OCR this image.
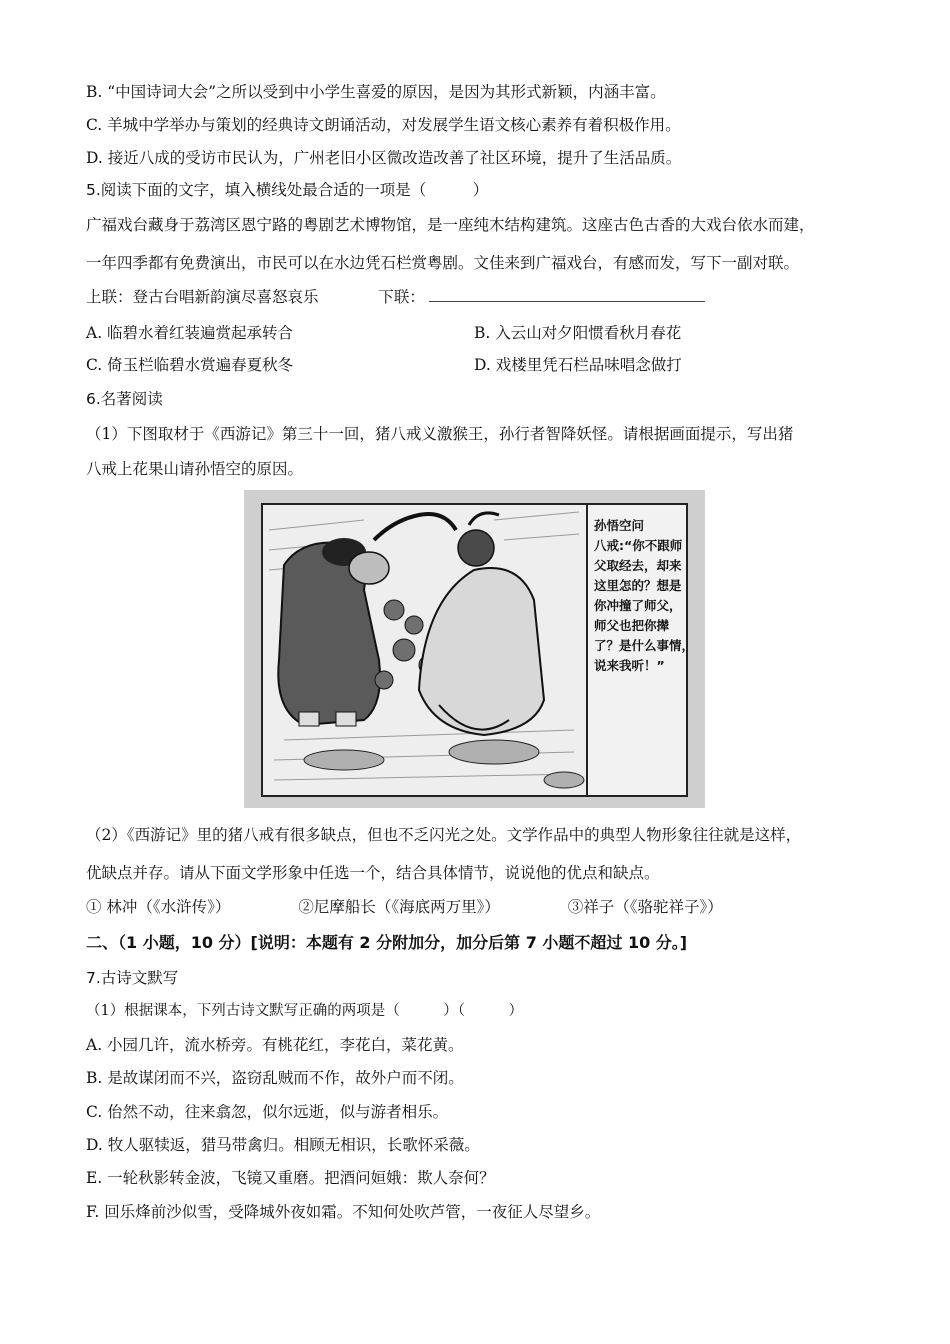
B. “中国诗词大会”之所以受到中小学生喜爱的原因，是因为其形式新颖，内涵丰富。
C. 羊城中学举办与策划的经典诗文朗诵活动，对发展学生语文核心素养有着积极作用。
D. 接近八成的受访市民认为，广州老旧小区微改造改善了社区环境，提升了生活品质。
5.阅读下面的文字，填入横线处最合适的一项是（　　　）
广福戏台藏身于荔湾区恩宁路的粤剧艺术博物馆，是一座纯木结构建筑。这座古色古香的大戏台依水而建，
一年四季都有免费演出，市民可以在水边凭石栏赏粤剧。文佳来到广福戏台，有感而发，写下一副对联。
上联：登古台唱新韵演尽喜怒哀乐	下联：
A. 临碧水着红装遍赏起承转合	B. 入云山对夕阳惯看秋月春花
C. 倚玉栏临碧水赏遍春夏秋冬	D. 戏楼里凭石栏品味唱念做打
6.名著阅读
（1）下图取材于《西游记》第三十一回，猪八戒义激猴王，孙行者智降妖怪。请根据画面提示，写出猪
八戒上花果山请孙悟空的原因。
孙悟空问
八戒:“你不跟师
父取经去，却来
这里怎的？想是
你冲撞了师父，
师父也把你撵
了？是什么事情，
说来我听！”
（2）《西游记》里的猪八戒有很多缺点，但也不乏闪光之处。文学作品中的典型人物形象往往就是这样，
优缺点并存。请从下面文学形象中任选一个，结合具体情节，说说他的优点和缺点。
① 林冲（《水浒传》）	②尼摩船长（《海底两万里》）	③祥子（《骆驼祥子》）
二、（1 小题，10 分）[说明：本题有 2 分附加分，加分后第 7 小题不超过 10 分。]
7.古诗文默写
（1）根据课本，下列古诗文默写正确的两项是（　　　）（　　　）
A. 小园几许，流水桥旁。有桃花红，李花白，菜花黄。
B. 是故谋闭而不兴，盗窃乱贼而不作，故外户而不闭。
C. 佁然不动，往来翕忽，似尔远逝，似与游者相乐。
D. 牧人驱犊返，猎马带禽归。相顾无相识，长歌怀采薇。
E. 一轮秋影转金波，飞镜又重磨。把酒问姮娥：欺人奈何？
F. 回乐烽前沙似雪，受降城外夜如霜。不知何处吹芦管，一夜征人尽望乡。
